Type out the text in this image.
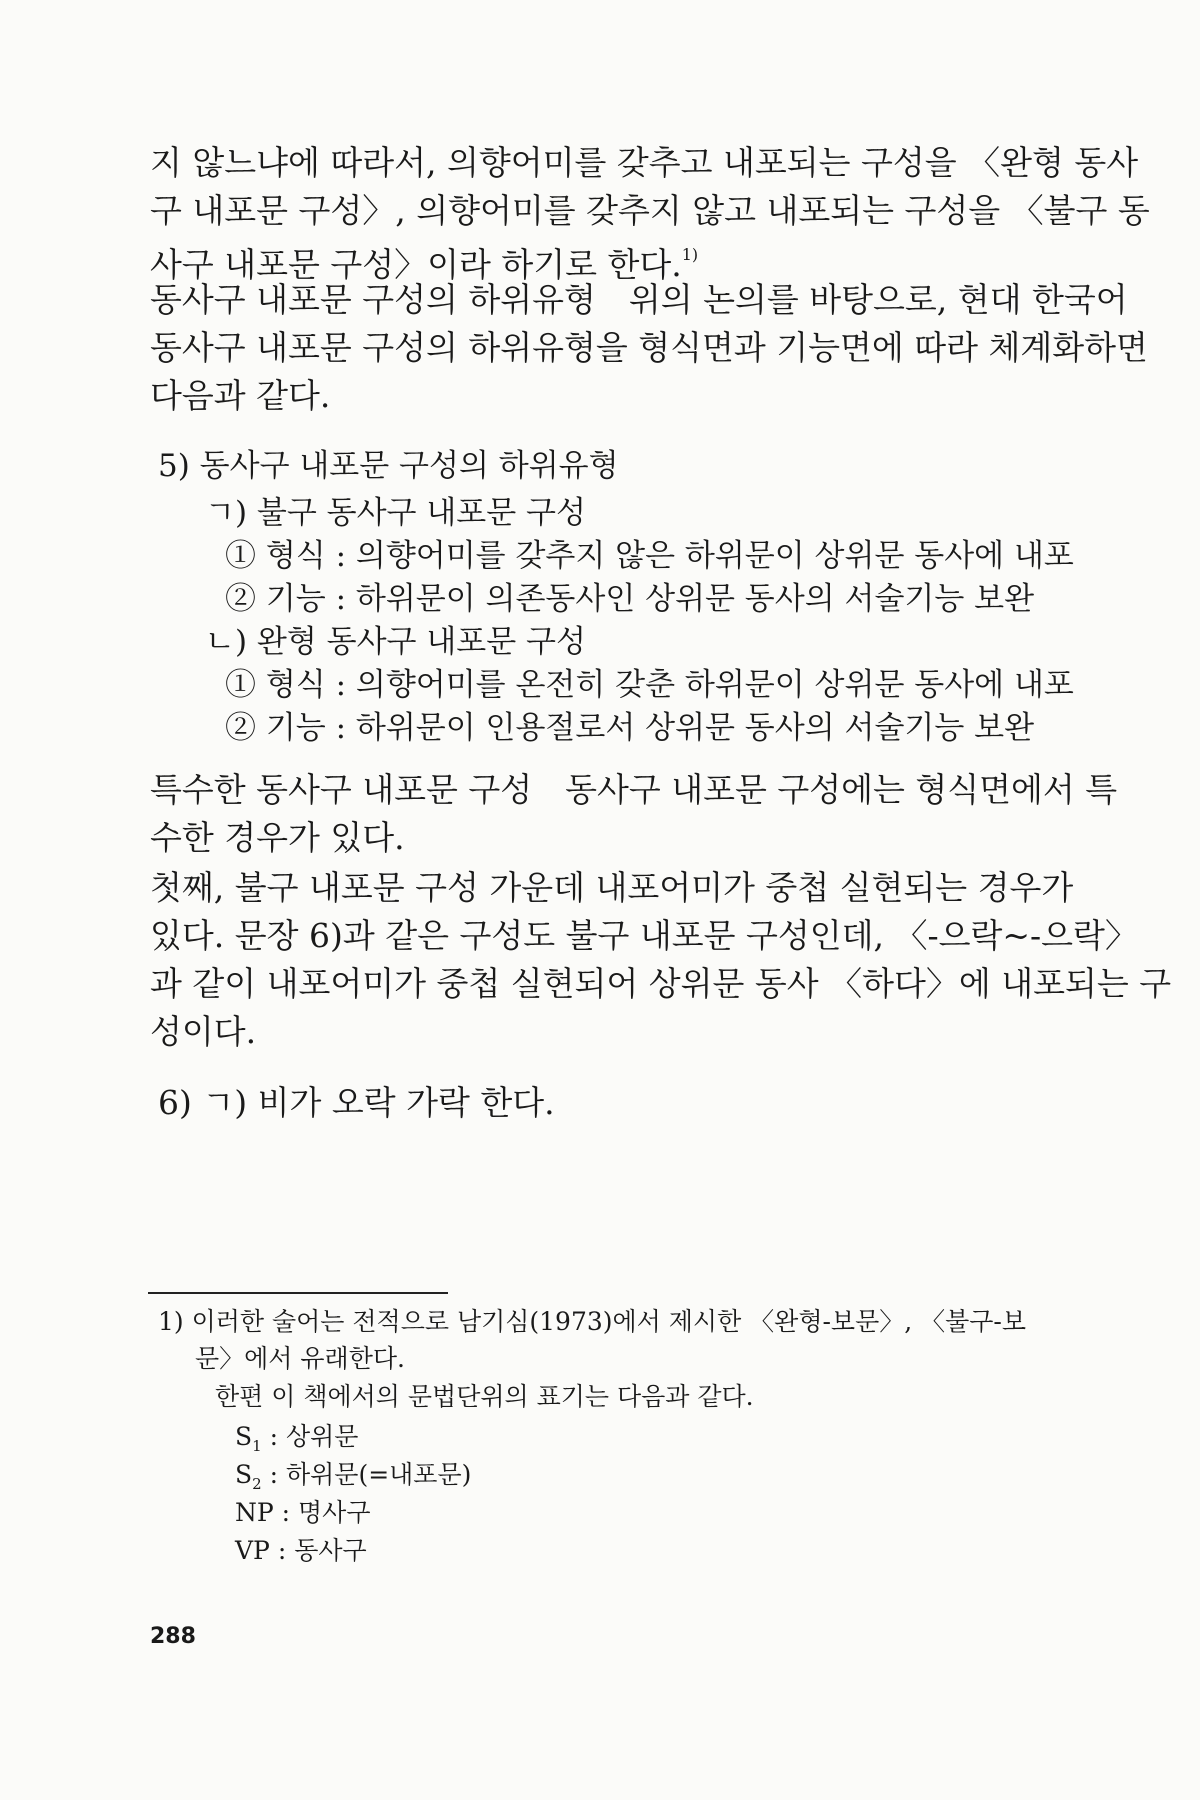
지 않느냐에 따라서, 의향어미를 갖추고 내포되는 구성을 〈완형 동사
구 내포문 구성〉, 의향어미를 갖추지 않고 내포되는 구성을 〈불구 동
사구 내포문 구성〉이라 하기로 한다.$^{1)}$
동사구 내포문 구성의 하위유형　위의 논의를 바탕으로, 현대 한국어
동사구 내포문 구성의 하위유형을 형식면과 기능면에 따라 체계화하면
다음과 같다.
5) 동사구 내포문 구성의 하위유형
ㄱ) 불구 동사구 내포문 구성
① 형식 : 의향어미를 갖추지 않은 하위문이 상위문 동사에 내포
② 기능 : 하위문이 의존동사인 상위문 동사의 서술기능 보완
ㄴ) 완형 동사구 내포문 구성
① 형식 : 의향어미를 온전히 갖춘 하위문이 상위문 동사에 내포
② 기능 : 하위문이 인용절로서 상위문 동사의 서술기능 보완
특수한 동사구 내포문 구성　동사구 내포문 구성에는 형식면에서 특
수한 경우가 있다.
첫째, 불구 내포문 구성 가운데 내포어미가 중첩 실현되는 경우가
있다. 문장 6)과 같은 구성도 불구 내포문 구성인데, 〈-으락~-으락〉
과 같이 내포어미가 중첩 실현되어 상위문 동사 〈하다〉에 내포되는 구
성이다.
6) ㄱ) 비가 오락 가락 한다.
1) 이러한 술어는 전적으로 남기심(1973)에서 제시한 〈완형-보문〉, 〈불구-보
문〉에서 유래한다.
한편 이 책에서의 문법단위의 표기는 다음과 같다.
$S_1$ : 상위문
$S_2$ : 하위문(=내포문)
NP : 명사구
VP : 동사구
288
